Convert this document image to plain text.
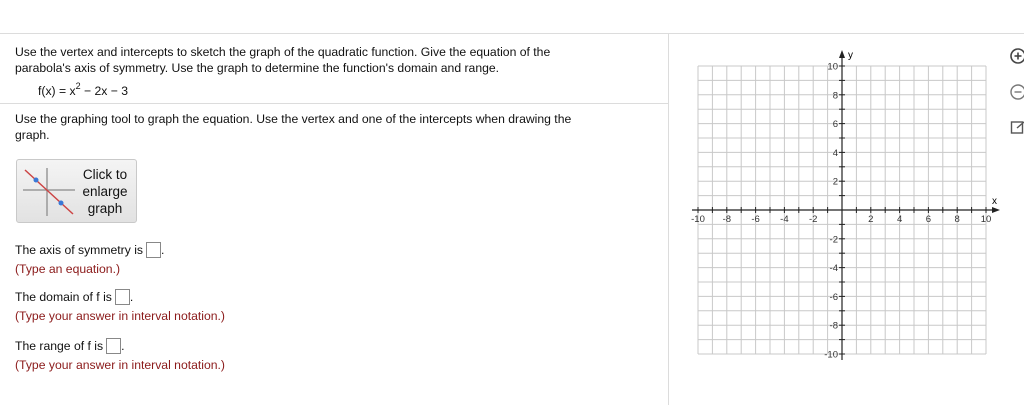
Use the vertex and intercepts to sketch the graph of the quadratic function. Give the equation of the
parabola's axis of symmetry. Use the graph to determine the function's domain and range.
$f(x) = x^2 - 2x - 3$
Use the graphing tool to graph the equation. Use the vertex and one of the intercepts when drawing the
graph.
Click to
enlarge
graph
The axis of symmetry is .
(Type an equation.)
The domain of f is .
(Type your answer in interval notation.)
The range of f is .
(Type your answer in interval notation.)
-10 -8 -6 -4 -2	2 4 6 8 10
10
8
6
4
2
-2
-4
-6
-8
-10
x
y
